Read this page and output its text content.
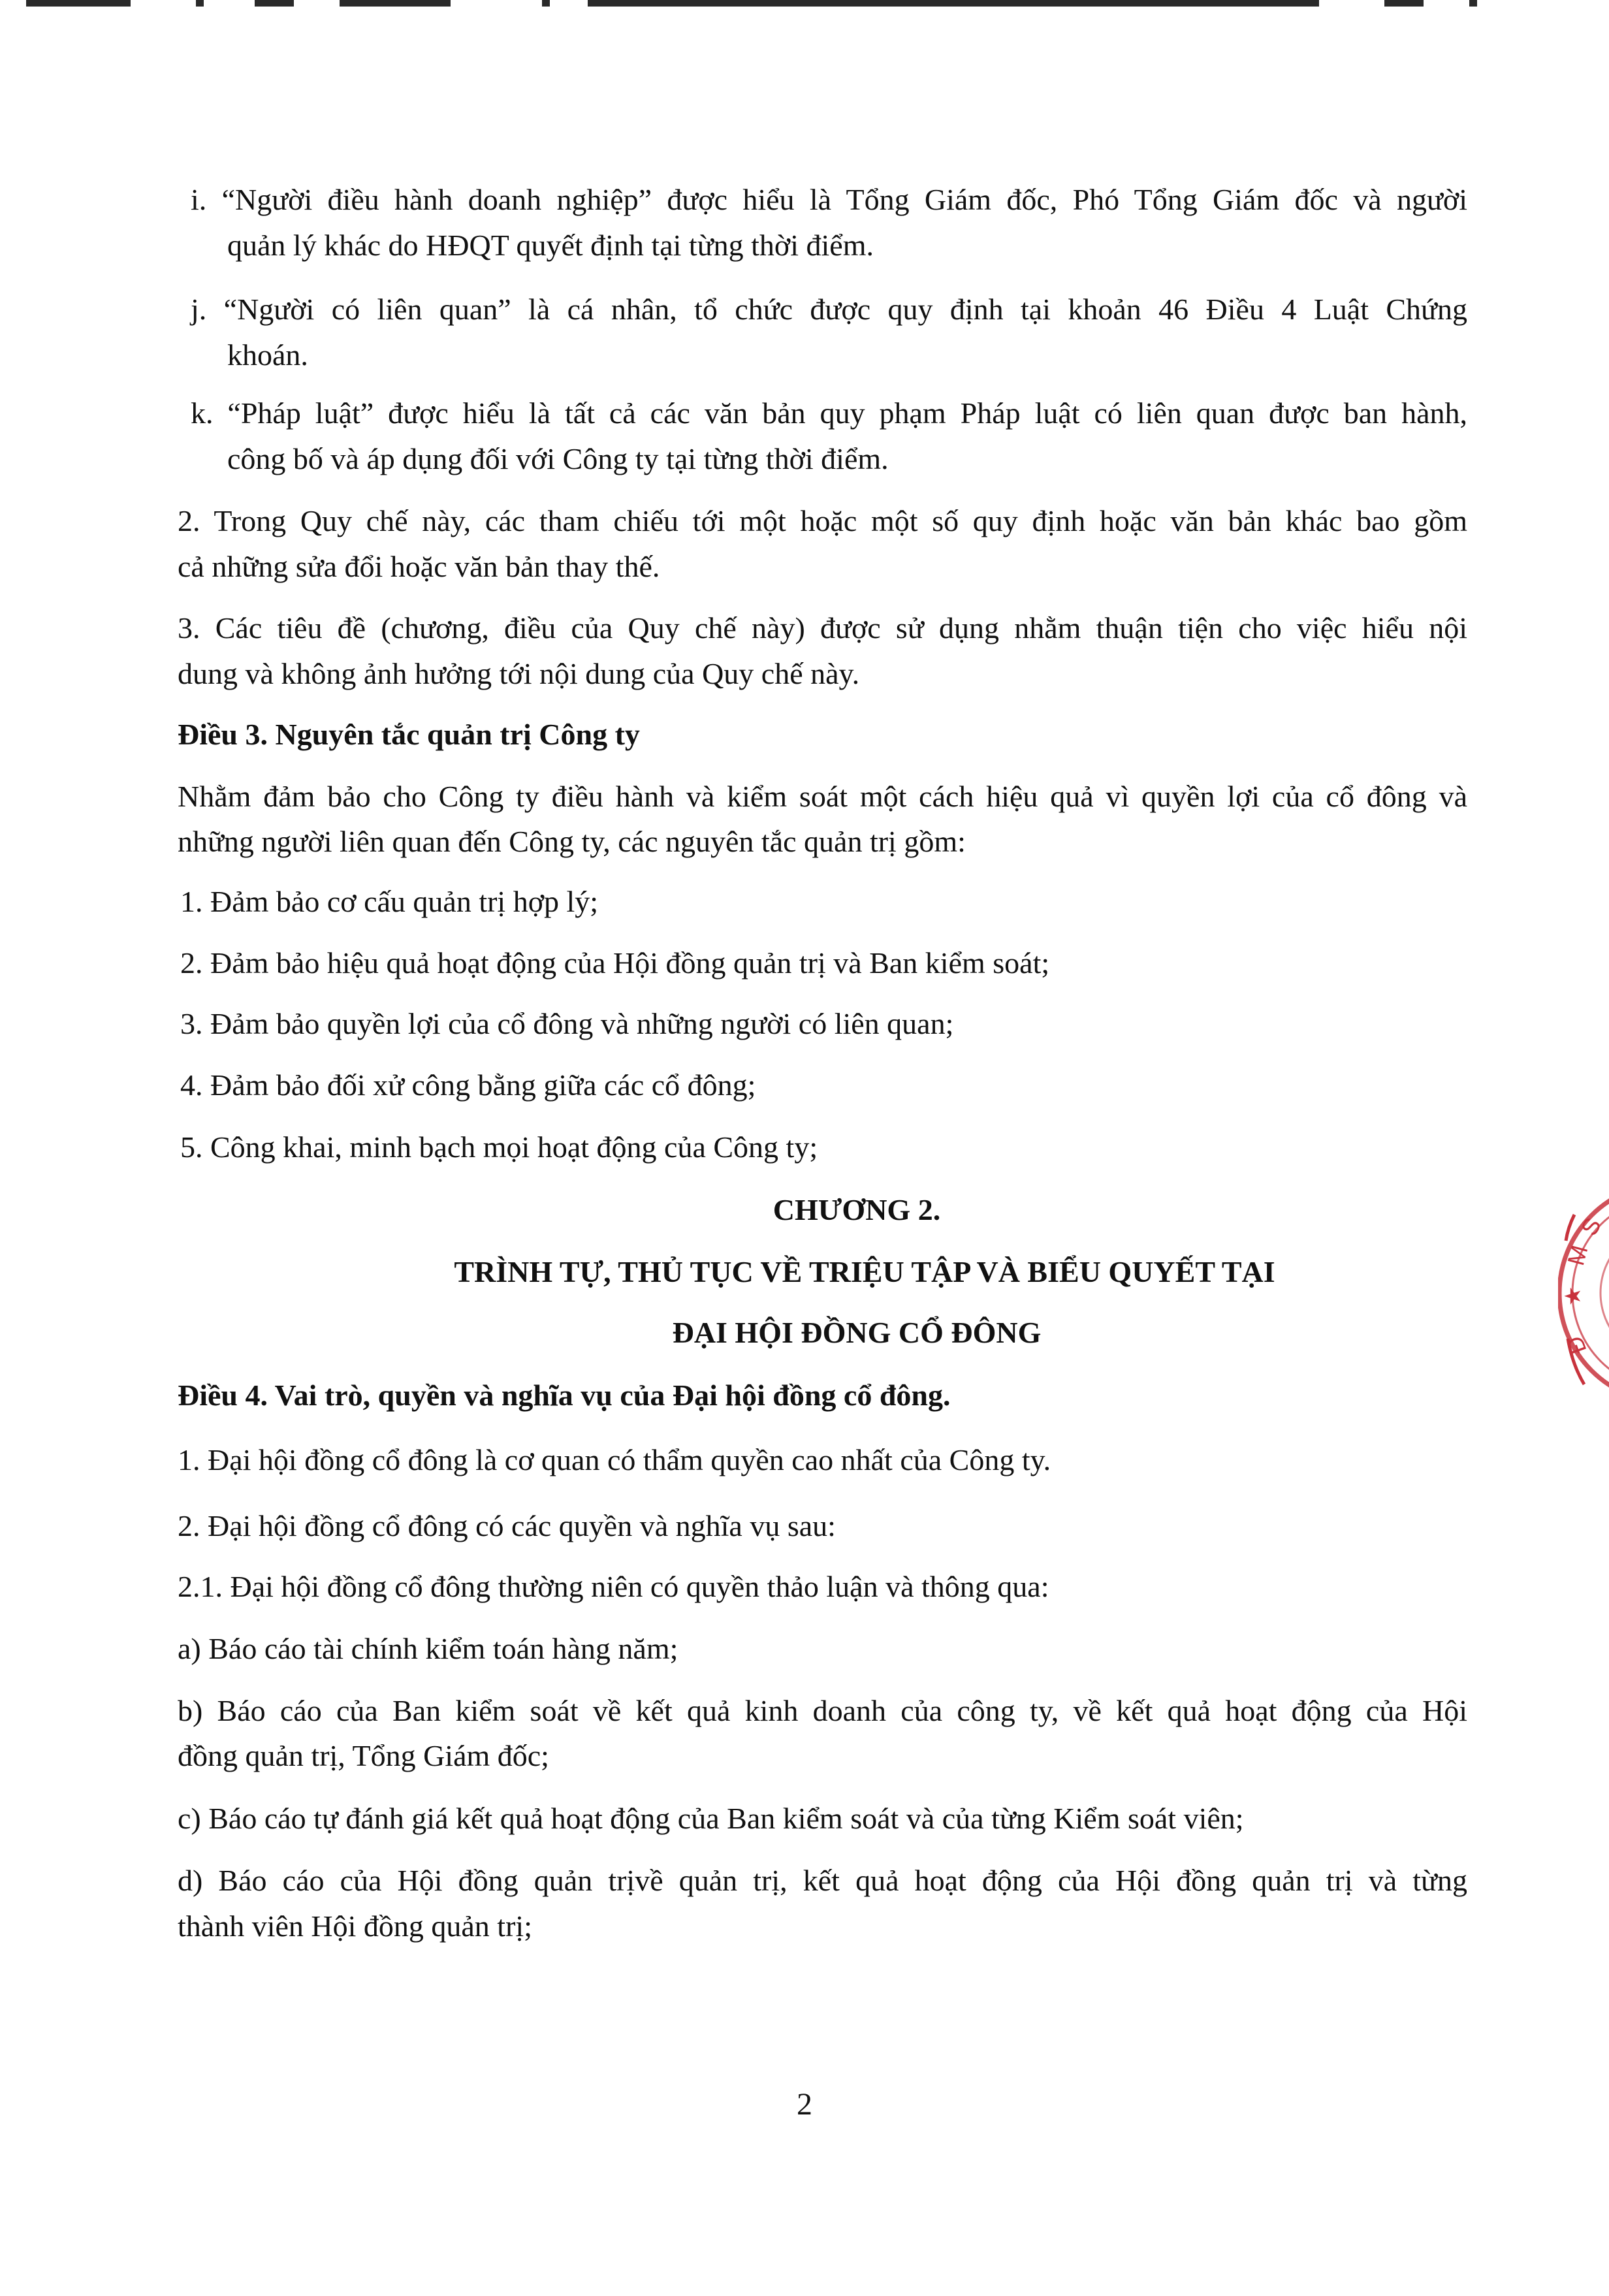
i. “Người điều hành doanh nghiệp” được hiểu là Tổng Giám đốc, Phó Tổng Giám đốc và người

quản lý khác do HĐQT quyết định tại từng thời điểm.

j. “Người có liên quan” là cá nhân, tổ chức được quy định tại khoản 46 Điều 4 Luật Chứng

khoán.

k. “Pháp luật” được hiểu là tất cả các văn bản quy phạm Pháp luật có liên quan được ban hành,

công bố và áp dụng đối với Công ty tại từng thời điểm.

2. Trong Quy chế này, các tham chiếu tới một hoặc một số quy định hoặc văn bản khác bao gồm

cả những sửa đổi hoặc văn bản thay thế.

3. Các tiêu đề (chương, điều của Quy chế này) được sử dụng nhằm thuận tiện cho việc hiểu nội

dung và không ảnh hưởng tới nội dung của Quy chế này.

Điều 3. Nguyên tắc quản trị Công ty

Nhằm đảm bảo cho Công ty điều hành và kiểm soát một cách hiệu quả vì quyền lợi của cổ đông và

những người liên quan đến Công ty, các nguyên tắc quản trị gồm:

1. Đảm bảo cơ cấu quản trị hợp lý;

2. Đảm bảo hiệu quả hoạt động của Hội đồng quản trị và Ban kiểm soát;

3. Đảm bảo quyền lợi của cổ đông và những người có liên quan;

4. Đảm bảo đối xử công bằng giữa các cổ đông;

5. Công khai, minh bạch mọi hoạt động của Công ty;

CHƯƠNG 2.

TRÌNH TỰ, THỦ TỤC VỀ TRIỆU TẬP VÀ BIỂU QUYẾT TẠI

ĐẠI HỘI ĐỒNG CỔ ĐÔNG

Điều 4. Vai trò, quyền và nghĩa vụ của Đại hội đồng cổ đông.

1. Đại hội đồng cổ đông là cơ quan có thẩm quyền cao nhất của Công ty.

2. Đại hội đồng cổ đông có các quyền và nghĩa vụ sau:

2.1. Đại hội đồng cổ đông thường niên có quyền thảo luận và thông qua:

a) Báo cáo tài chính kiểm toán hàng năm;

b) Báo cáo của Ban kiểm soát về kết quả kinh doanh của công ty, về kết quả hoạt động của Hội

đồng quản trị, Tổng Giám đốc;

c) Báo cáo tự đánh giá kết quả hoạt động của Ban kiểm soát và của từng Kiểm soát viên;

d) Báo cáo của Hội đồng quản trịvề quản trị, kết quả hoạt động của Hội đồng quản trị và từng

thành viên Hội đồng quản trị;

2
S
M
★
Đ
